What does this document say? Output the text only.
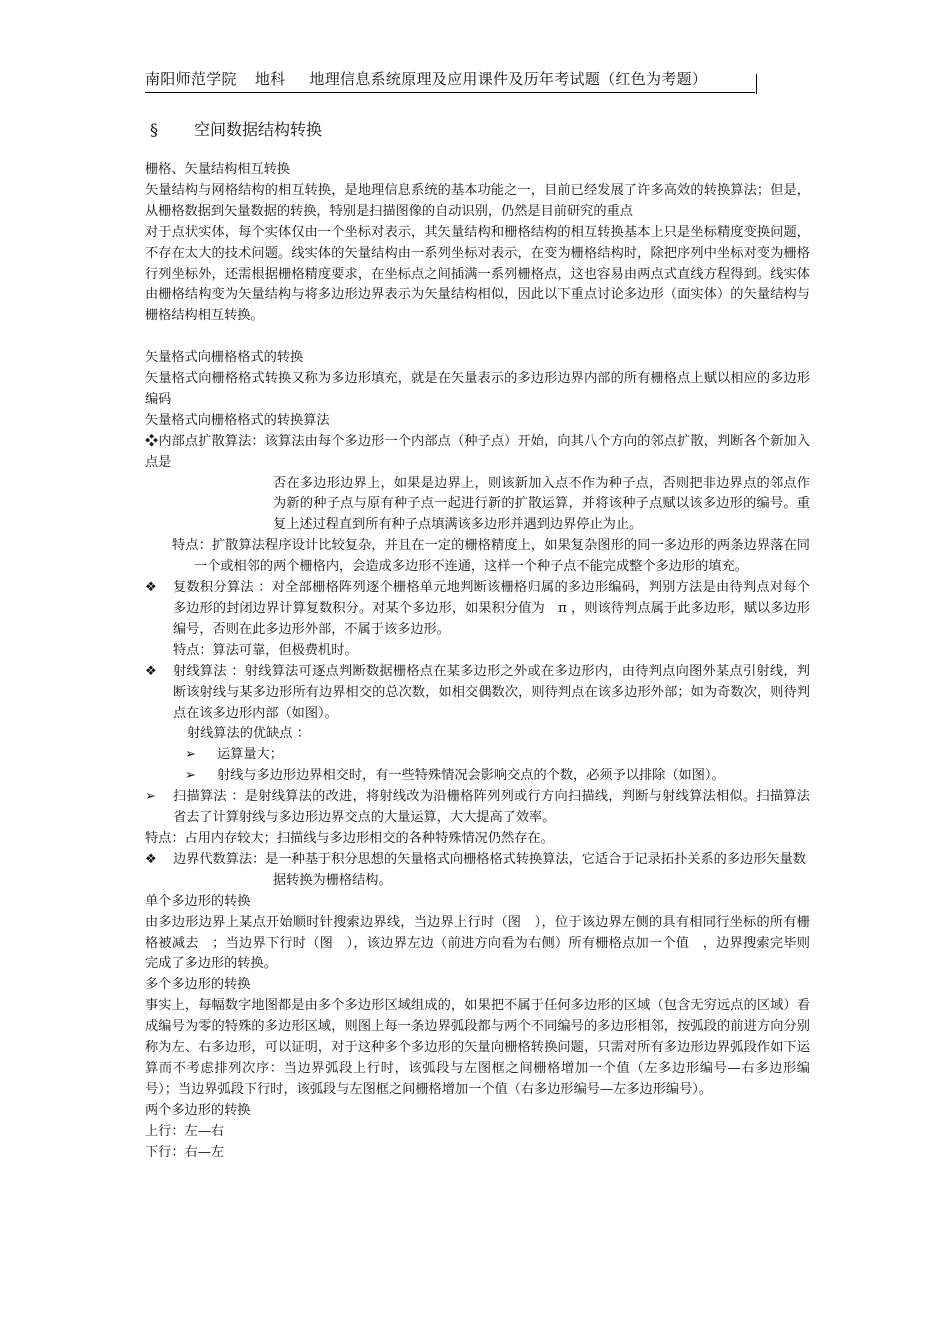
南阳师范学院 地科 地理信息系统原理及应用课件及历年考试题（红色为考题）
§ 空间数据结构转换

栅格、矢量结构相互转换

矢量结构与网格结构的相互转换，是地理信息系统的基本功能之一，目前已经发展了许多高效的转换算法；但是，从栅格数据到矢量数据的转换，特别是扫描图像的自动识别，仍然是目前研究的重点

对于点状实体，每个实体仅由一个坐标对表示，其矢量结构和栅格结构的相互转换基本上只是坐标精度变换问题，不存在太大的技术问题。线实体的矢量结构由一系列坐标对表示，在变为栅格结构时，除把序列中坐标对变为栅格行列坐标外，还需根据栅格精度要求，在坐标点之间插满一系列栅格点，这也容易由两点式直线方程得到。线实体由栅格结构变为矢量结构与将多边形边界表示为矢量结构相似，因此以下重点讨论多边形（面实体）的矢量结构与栅格结构相互转换。

矢量格式向栅格格式的转换

矢量格式向栅格格式转换又称为多边形填充，就是在矢量表示的多边形边界内部的所有栅格点上赋以相应的多边形编码

矢量格式向栅格格式的转换算法

❖内部点扩散算法：该算法由每个多边形一个内部点（种子点）开始，向其八个方向的邻点扩散，判断各个新加入点是

否在多边形边界上，如果是边界上，则该新加入点不作为种子点，否则把非边界点的邻点作为新的种子点与原有种子点一起进行新的扩散运算，并将该种子点赋以该多边形的编号。重复上述过程直到所有种子点填满该多边形并遇到边界停止为止。

特点：扩散算法程序设计比较复杂，并且在一定的栅格精度上，如果复杂图形的同一多边形的两条边界落在同一个或相邻的两个栅格内，会造成多边形不连通，这样一个种子点不能完成整个多边形的填充。

❖ 复数积分算法 ：对全部栅格阵列逐个栅格单元地判断该栅格归属的多边形编码，判别方法是由待判点对每个多边形的封闭边界计算复数积分。对某个多边形，如果积分值为　π ，则该待判点属于此多边形，赋以多边形编号，否则在此多边形外部，不属于该多边形。

特点：算法可靠，但极费机时。

❖ 射线算法 ：射线算法可逐点判断数据栅格点在某多边形之外或在多边形内，由待判点向图外某点引射线，判断该射线与某多边形所有边界相交的总次数，如相交偶数次，则待判点在该多边形外部；如为奇数次，则待判点在该多边形内部（如图）。

射线算法的优缺点 ：

➢ 运算量大；

➢ 射线与多边形边界相交时，有一些特殊情况会影响交点的个数，必须予以排除（如图）。

➢ 扫描算法 ：是射线算法的改进，将射线改为沿栅格阵列列或行方向扫描线，判断与射线算法相似。扫描算法省去了计算射线与多边形边界交点的大量运算，大大提高了效率。

特点：占用内存较大；扫描线与多边形相交的各种特殊情况仍然存在。

❖ 边界代数算法：是一种基于积分思想的矢量格式向栅格格式转换算法，它适合于记录拓扑关系的多边形矢量数

据转换为栅格结构。

单个多边形的转换

由多边形边界上某点开始顺时针搜索边界线，当边界上行时（图　），位于该边界左侧的具有相同行坐标的所有栅格被减去　；当边界下行时（图　），该边界左边（前进方向看为右侧）所有栅格点加一个值　，边界搜索完毕则完成了多边形的转换。

多个多边形的转换

事实上，每幅数字地图都是由多个多边形区域组成的，如果把不属于任何多边形的区域（包含无穷远点的区域）看成编号为零的特殊的多边形区域，则图上每一条边界弧段都与两个不同编号的多边形相邻，按弧段的前进方向分别称为左、右多边形，可以证明，对于这种多个多边形的矢量向栅格转换问题，只需对所有多边形边界弧段作如下运算而不考虑排列次序：当边界弧段上行时，该弧段与左图框之间栅格增加一个值（左多边形编号—右多边形编号）；当边界弧段下行时，该弧段与左图框之间栅格增加一个值（右多边形编号—左多边形编号）。

两个多边形的转换

上行：左—右

下行：右—左
